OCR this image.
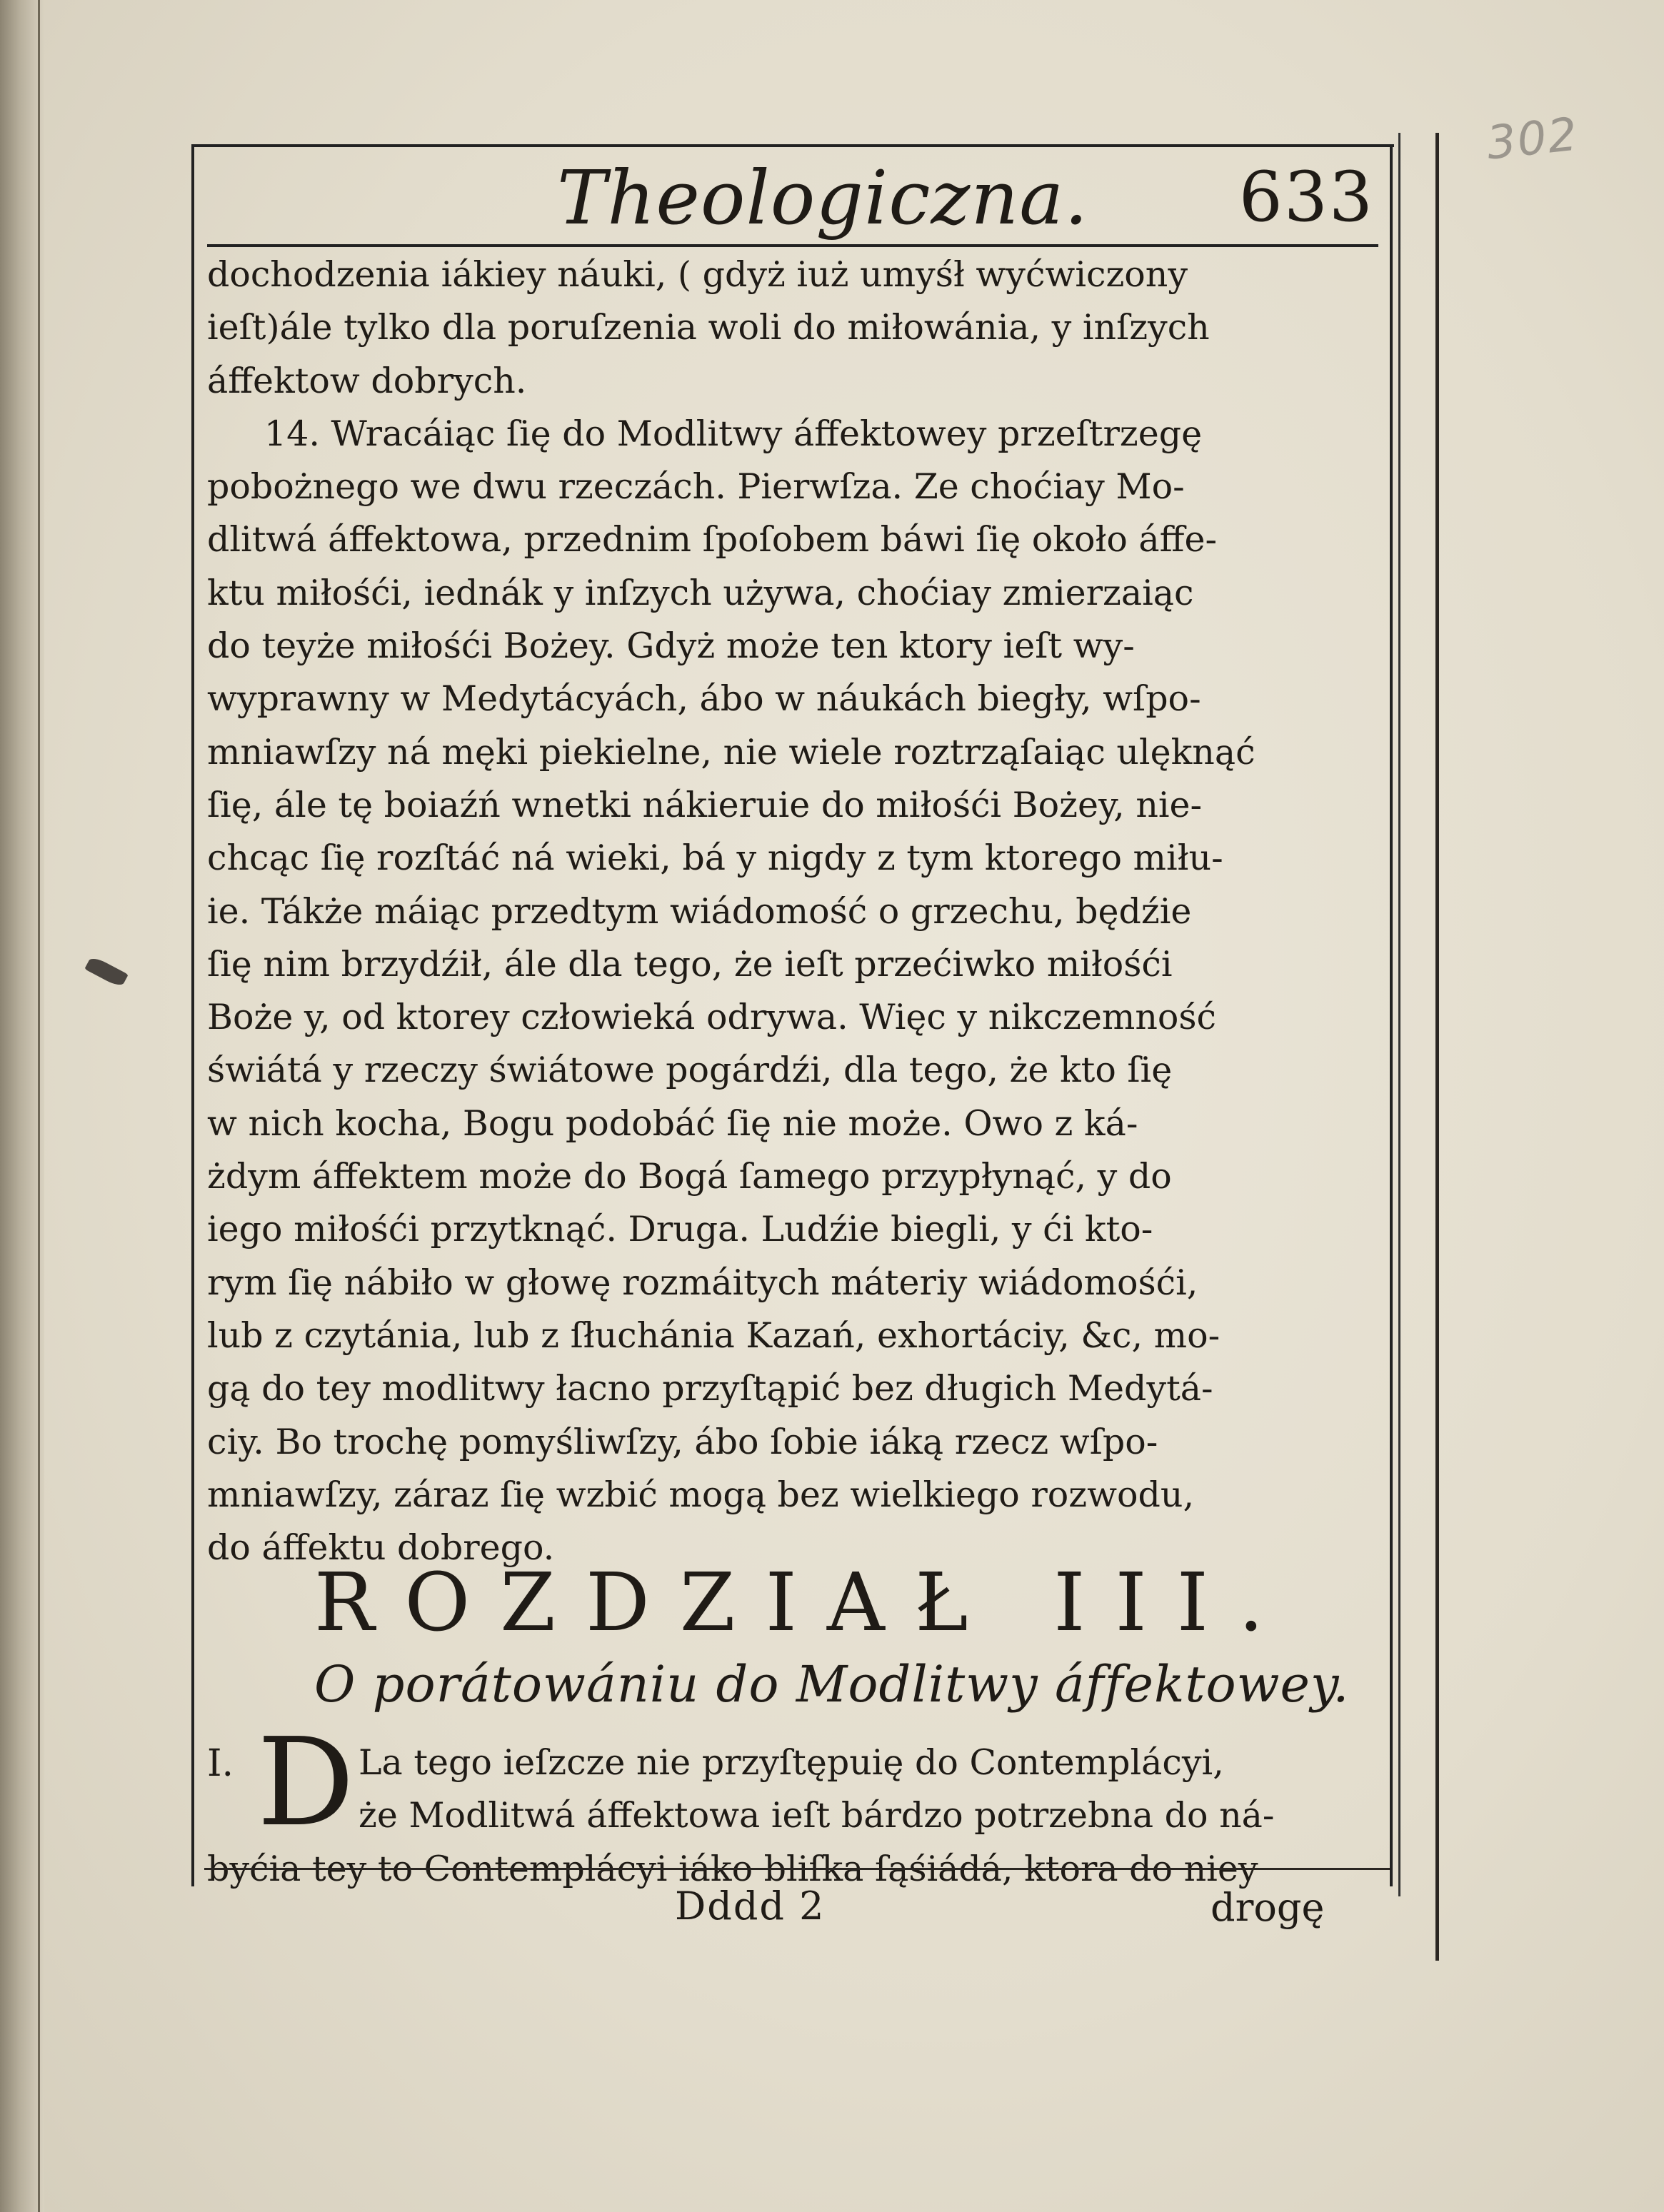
302
Theologiczna. 633
dochodzenia iákiey náuki, ( gdyż iuż umyśł wyćwiczony
ieſt)ále tylko dla poruſzenia woli do miłowánia, y inſzych
áffektow dobrych.
14. Wracáiąc ſię do Modlitwy áffektowey przeſtrzegę
pobożnego we dwu rzeczách. Pierwſza. Ze choćiay Mo-
dlitwá áffektowa, przednim ſpoſobem báwi ſię około áffe-
ktu miłośći, iednák y inſzych używa, choćiay zmierzaiąc
do teyże miłośći Bożey. Gdyż może ten ktory ieſt wy-
wyprawny w Medytácyách, ábo w náukách biegły, wſpo-
mniawſzy ná męki piekielne, nie wiele roztrząſaiąc ulęknąć
ſię, ále tę boiaźń wnetki nákieruie do miłośći Bożey, nie-
chcąc ſię rozſtáć ná wieki, bá y nigdy z tym ktorego miłu-
ie. Tákże máiąc przedtym wiádomość o grzechu, będźie
ſię nim brzydźił, ále dla tego, że ieſt przećiwko miłośći
Boże y, od ktorey człowieká odrywa. Więc y nikczemność
świátá y rzeczy świátowe pogárdźi, dla tego, że kto ſię
w nich kocha, Bogu podobáć ſię nie może. Owo z ká-
żdym áffektem może do Bogá ſamego przypłynąć, y do
iego miłośći przytknąć. Druga. Ludźie biegli, y ći kto-
rym ſię nábiło w głowę rozmáitych máteriy wiádomośći,
lub z czytánia, lub z ſłuchánia Kazań, exhortáciy, &c, mo-
gą do tey modlitwy łacno przyſtąpić bez długich Medytá-
ciy. Bo trochę pomyśliwſzy, ábo ſobie iáką rzecz wſpo-
mniawſzy, záraz ſię wzbić mogą bez wielkiego rozwodu,
do áffektu dobrego.
ROZDZIAŁ III.
O porátowániu do Modlitwy áffektowey.
I. D La tego ieſzcze nie przyſtępuię do Contemplácyi,
że Modlitwá áffektowa ieſt bárdzo potrzebna do ná-
byćia tey to Contemplácyi iáko bliſka ſąśiádá, ktora do niey
Dddd 2	drogę
